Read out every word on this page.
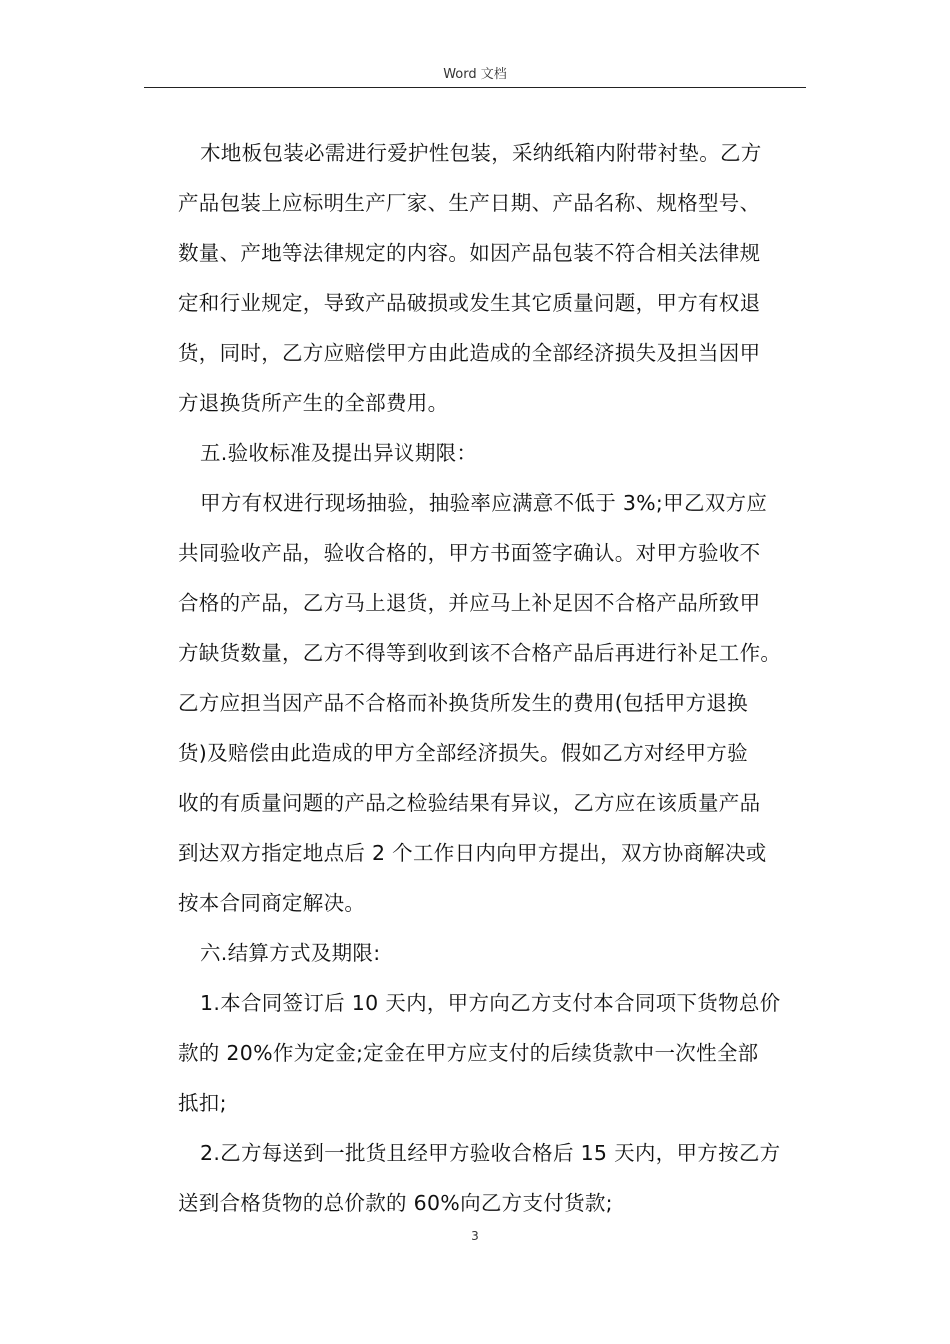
Word 文档
木地板包装必需进行爱护性包装，采纳纸箱内附带衬垫。乙方
产品包装上应标明生产厂家、生产日期、产品名称、规格型号、
数量、产地等法律规定的内容。如因产品包装不符合相关法律规
定和行业规定，导致产品破损或发生其它质量问题，甲方有权退
货，同时，乙方应赔偿甲方由此造成的全部经济损失及担当因甲
方退换货所产生的全部费用。
五.验收标准及提出异议期限：
甲方有权进行现场抽验，抽验率应满意不低于 3%;甲乙双方应
共同验收产品，验收合格的，甲方书面签字确认。对甲方验收不
合格的产品，乙方马上退货，并应马上补足因不合格产品所致甲
方缺货数量，乙方不得等到收到该不合格产品后再进行补足工作。
乙方应担当因产品不合格而补换货所发生的费用(包括甲方退换
货)及赔偿由此造成的甲方全部经济损失。假如乙方对经甲方验
收的有质量问题的产品之检验结果有异议，乙方应在该质量产品
到达双方指定地点后 2 个工作日内向甲方提出，双方协商解决或
按本合同商定解决。
六.结算方式及期限:
1.本合同签订后 10 天内，甲方向乙方支付本合同项下货物总价
款的 20%作为定金;定金在甲方应支付的后续货款中一次性全部
抵扣;
2.乙方每送到一批货且经甲方验收合格后 15 天内，甲方按乙方
送到合格货物的总价款的 60%向乙方支付货款;
3
